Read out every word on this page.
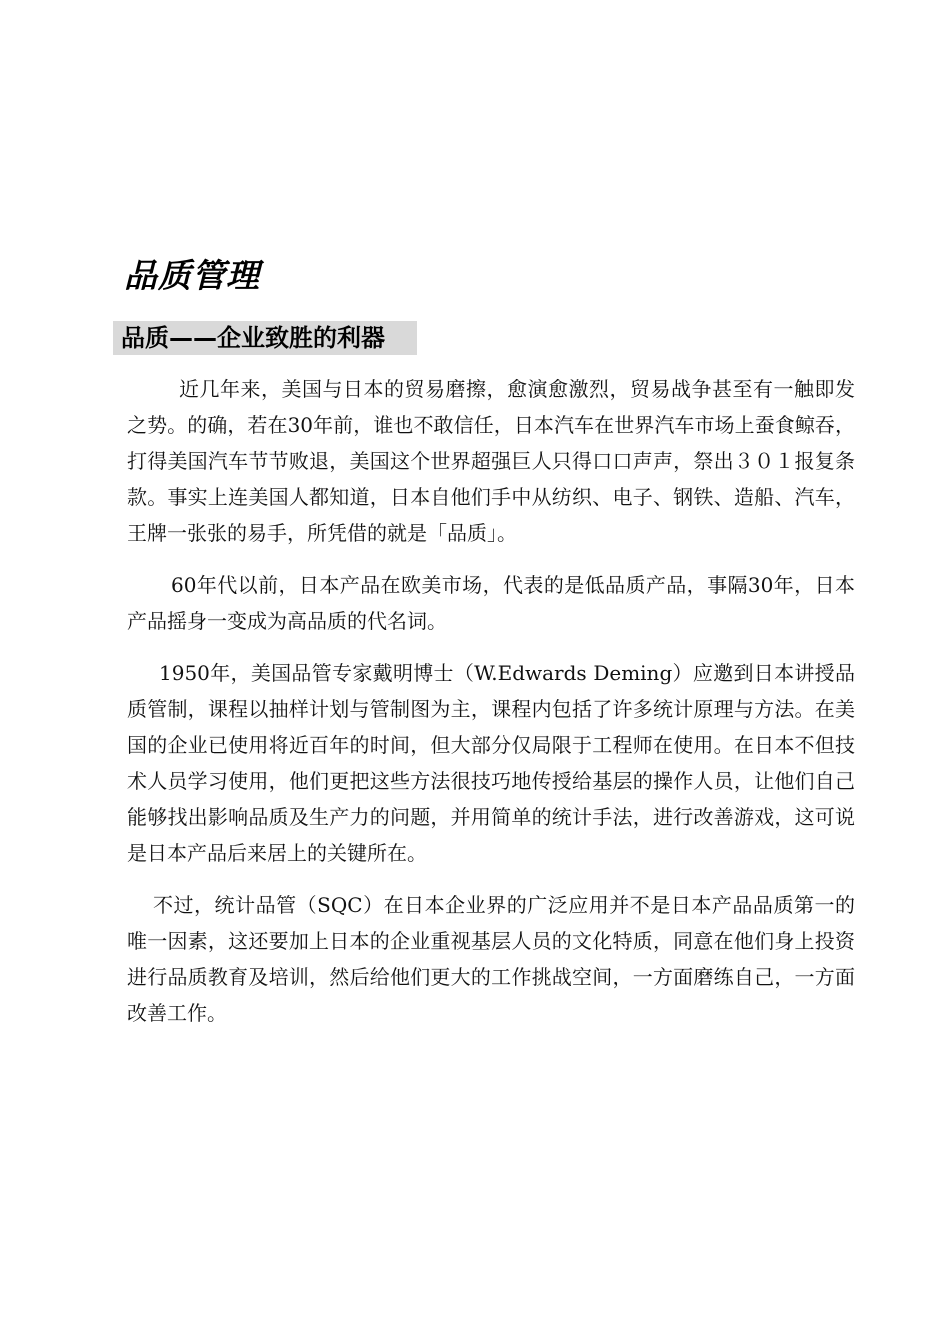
品质管理
品质——企业致胜的利器

近几年来，美国与日本的贸易磨擦，愈演愈激烈，贸易战争甚至有一触即发之势。的确，若在30年前，谁也不敢信任，日本汽车在世界汽车市场上蚕食鲸吞，打得美国汽车节节败退，美国这个世界超强巨人只得口口声声，祭出３０１报复条款。事实上连美国人都知道，日本自他们手中从纺织、电子、钢铁、造船、汽车，王牌一张张的易手，所凭借的就是「品质」。

60年代以前，日本产品在欧美市场，代表的是低品质产品，事隔30年，日本产品摇身一变成为高品质的代名词。

1950年，美国品管专家戴明博士（W.Edwards Deming）应邀到日本讲授品质管制，课程以抽样计划与管制图为主，课程内包括了许多统计原理与方法。在美国的企业已使用将近百年的时间，但大部分仅局限于工程师在使用。在日本不但技术人员学习使用，他们更把这些方法很技巧地传授给基层的操作人员，让他们自己能够找出影响品质及生产力的问题，并用简单的统计手法，进行改善游戏，这可说是日本产品后来居上的关键所在。

不过，统计品管（SQC）在日本企业界的广泛应用并不是日本产品品质第一的唯一因素，这还要加上日本的企业重视基层人员的文化特质，同意在他们身上投资进行品质教育及培训，然后给他们更大的工作挑战空间，一方面磨练自己，一方面改善工作。
